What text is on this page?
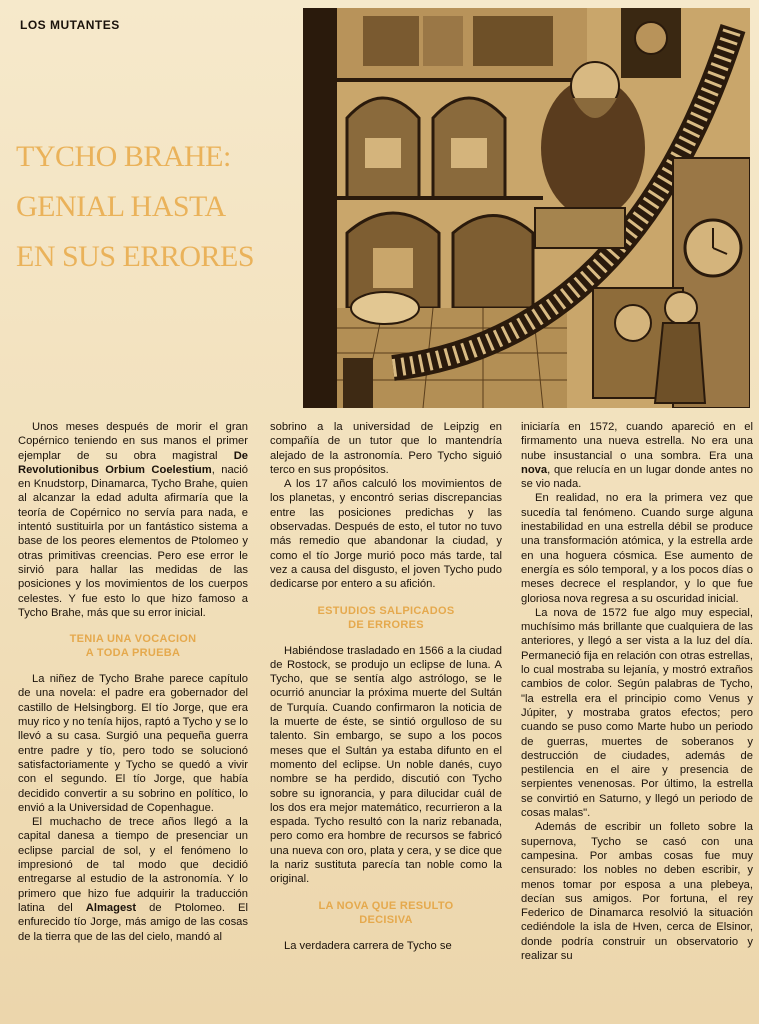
LOS MUTANTES
TYCHO BRAHE:
GENIAL HASTA
EN SUS ERRORES

Unos meses después de morir el gran Copérnico teniendo en sus manos el primer ejemplar de su obra magistral De Revolutionibus Orbium Coelestium, nació en Knudstorp, Dinamarca, Tycho Brahe, quien al alcanzar la edad adulta afirmaría que la teoría de Copérnico no servía para nada, e intentó sustituirla por un fantástico sistema a base de los peores elementos de Ptolomeo y otras primitivas creencias. Pero ese error le sirvió para hallar las medidas de las posiciones y los movimientos de los cuerpos celestes. Y fue esto lo que hizo famoso a Tycho Brahe, más que su error inicial.

TENIA UNA VOCACION
A TODA PRUEBA

La niñez de Tycho Brahe parece capítulo de una novela: el padre era gobernador del castillo de Helsingborg. El tío Jorge, que era muy rico y no tenía hijos, raptó a Tycho y se lo llevó a su casa. Surgió una pequeña guerra entre padre y tío, pero todo se solucionó satisfactoriamente y Tycho se quedó a vivir con el segundo. El tío Jorge, que había decidido convertir a su sobrino en político, lo envió a la Universidad de Copenhague.

El muchacho de trece años llegó a la capital danesa a tiempo de presenciar un eclipse parcial de sol, y el fenómeno lo impresionó de tal modo que decidió entregarse al estudio de la astronomía. Y lo primero que hizo fue adquirir la traducción latina del Almagest de Ptolomeo. El enfurecido tío Jorge, más amigo de las cosas de la tierra que de las del cielo, mandó al

sobrino a la universidad de Leipzig en compañía de un tutor que lo mantendría alejado de la astronomía. Pero Tycho siguió terco en sus propósitos.

A los 17 años calculó los movimientos de los planetas, y encontró serias discrepancias entre las posiciones predichas y las observadas. Después de esto, el tutor no tuvo más remedio que abandonar la ciudad, y como el tío Jorge murió poco más tarde, tal vez a causa del disgusto, el joven Tycho pudo dedicarse por entero a su afición.

ESTUDIOS SALPICADOS
DE ERRORES

Habiéndose trasladado en 1566 a la ciudad de Rostock, se produjo un eclipse de luna. A Tycho, que se sentía algo astrólogo, se le ocurrió anunciar la próxima muerte del Sultán de Turquía. Cuando confirmaron la noticia de la muerte de éste, se sintió orgulloso de su talento. Sin embargo, se supo a los pocos meses que el Sultán ya estaba difunto en el momento del eclipse. Un noble danés, cuyo nombre se ha perdido, discutió con Tycho sobre su ignorancia, y para dilucidar cuál de los dos era mejor matemático, recurrieron a la espada. Tycho resultó con la nariz rebanada, pero como era hombre de recursos se fabricó una nueva con oro, plata y cera, y se dice que la nariz sustituta parecía tan noble como la original.

LA NOVA QUE RESULTO
DECISIVA

La verdadera carrera de Tycho se

iniciaría en 1572, cuando apareció en el firmamento una nueva estrella. No era una nube insustancial o una sombra. Era una nova, que relucía en un lugar donde antes no se vio nada.

En realidad, no era la primera vez que sucedía tal fenómeno. Cuando surge alguna inestabilidad en una estrella débil se produce una transformación atómica, y la estrella arde en una hoguera cósmica. Ese aumento de energía es sólo temporal, y a los pocos días o meses decrece el resplandor, y lo que fue gloriosa nova regresa a su oscuridad inicial.

La nova de 1572 fue algo muy especial, muchísimo más brillante que cualquiera de las anteriores, y llegó a ser vista a la luz del día. Permaneció fija en relación con otras estrellas, lo cual mostraba su lejanía, y mostró extraños cambios de color. Según palabras de Tycho, "la estrella era el principio como Venus y Júpiter, y mostraba gratos efectos; pero cuando se puso como Marte hubo un periodo de guerras, muertes de soberanos y destrucción de ciudades, además de pestilencia en el aire y presencia de serpientes venenosas. Por último, la estrella se convirtió en Saturno, y llegó un periodo de cosas malas".

Además de escribir un folleto sobre la supernova, Tycho se casó con una campesina. Por ambas cosas fue muy censurado: los nobles no deben escribir, y menos tomar por esposa a una plebeya, decían sus amigos. Por fortuna, el rey Federico de Dinamarca resolvió la situación cediéndole la isla de Hven, cerca de Elsinor, donde podría construir un observatorio y realizar su
